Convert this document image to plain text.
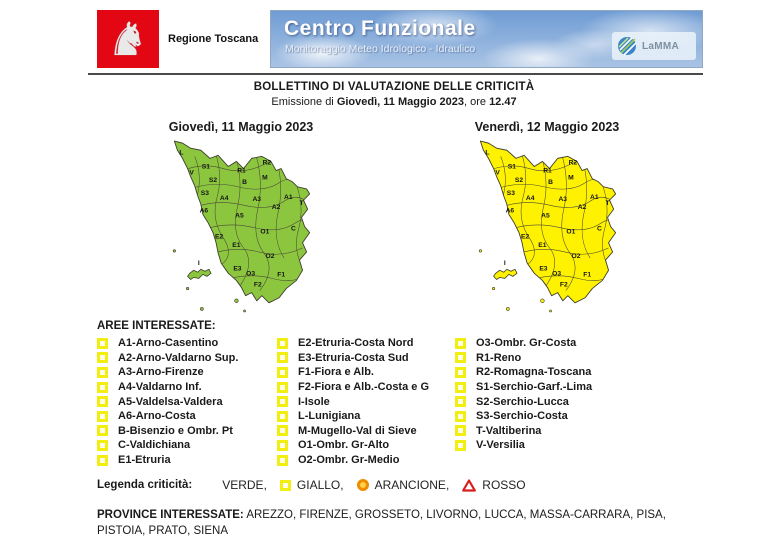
♞ Regione Toscana Centro Funzionale
Monitoraggio Meteo Idrologico - Idraulico	LaMMA
BOLLETTINO DI VALUTAZIONE DELLE CRITICITÀ
Emissione di Giovedì, 11 Maggio 2023, ore 12.47
Giovedì, 11 Maggio 2023
L
S1
V	R1
R2
B
M
S2
S3
A4	A3	A1
T
A6
A5
A2
O1	C
E2
E1
O2
E3
O3	F1
F2
I
Venerdì, 12 Maggio 2023
L
S1
V	R1
R2
B
M
S2
S3
A4	A3	A1
T
A6
A5
A2
O1	C
E2
E1
O2
E3
O3	F1
F2
I
AREE INTERESSATE:
A1-Arno-Casentino
A2-Arno-Valdarno Sup.
A3-Arno-Firenze
A4-Valdarno Inf.
A5-Valdelsa-Valdera
A6-Arno-Costa
B-Bisenzio e Ombr. Pt
C-Valdichiana
E1-Etruria
E2-Etruria-Costa Nord
E3-Etruria-Costa Sud
F1-Fiora e Alb.
F2-Fiora e Alb.-Costa e G
I-Isole
L-Lunigiana
M-Mugello-Val di Sieve
O1-Ombr. Gr-Alto
O2-Ombr. Gr-Medio
O3-Ombr. Gr-Costa
R1-Reno
R2-Romagna-Toscana
S1-Serchio-Garf.-Lima
S2-Serchio-Lucca
S3-Serchio-Costa
T-Valtiberina
V-Versilia
Legenda criticità:	VERDE,	GIALLO,	ARANCIONE,	ROSSO
PROVINCE INTERESSATE: AREZZO, FIRENZE, GROSSETO, LIVORNO, LUCCA, MASSA-CARRARA, PISA, PISTOIA, PRATO, SIENA
